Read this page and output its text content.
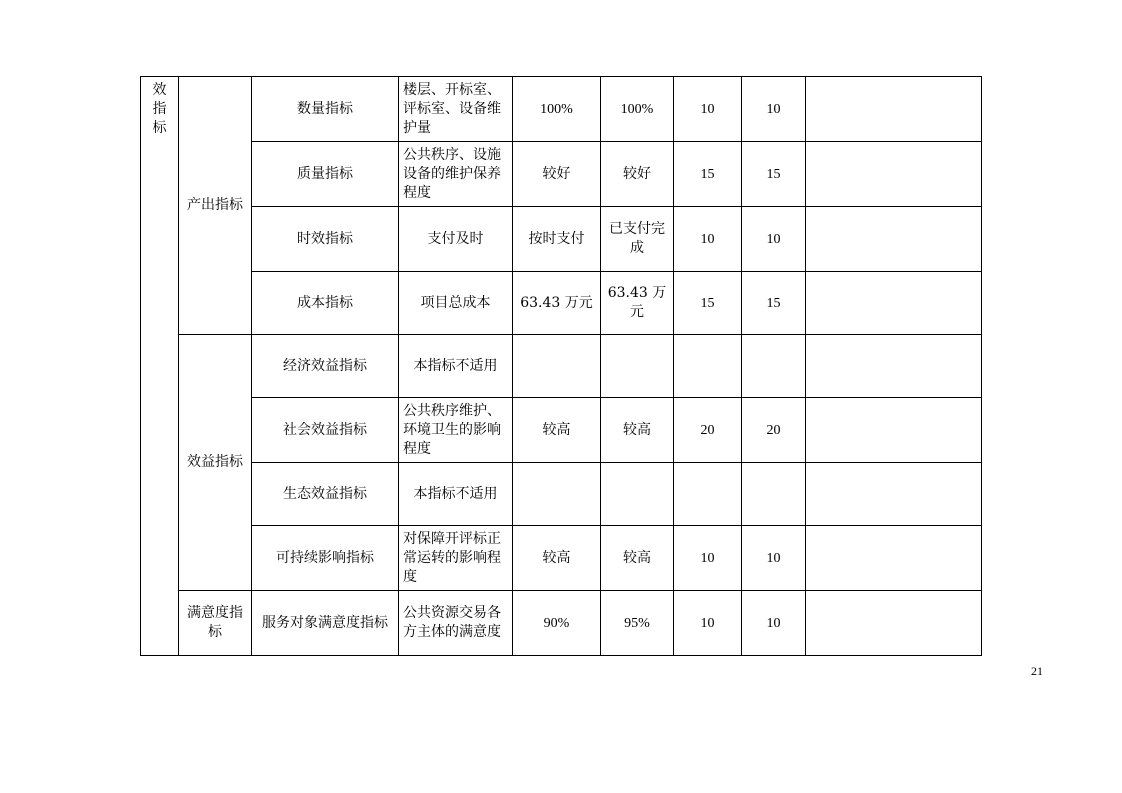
效
指
标	产出指标	数量指标	楼层、开标室、评标室、设备维护量	100%	100%	10	10	
		质量指标	公共秩序、设施设备的维护保养程度	较好	较好	15	15	
		时效指标	支付及时	按时支付	已支付完成	10	10	
		成本指标	项目总成本	63.43 万元	63.43 万元	15	15	
	效益指标	经济效益指标	本指标不适用					
		社会效益指标	公共秩序维护、环境卫生的影响程度	较高	较高	20	20	
		生态效益指标	本指标不适用					
		可持续影响指标	对保障开评标正常运转的影响程度	较高	较高	10	10	
	满意度指标	服务对象满意度指标	公共资源交易各方主体的满意度	90%	95%	10	10	
21
